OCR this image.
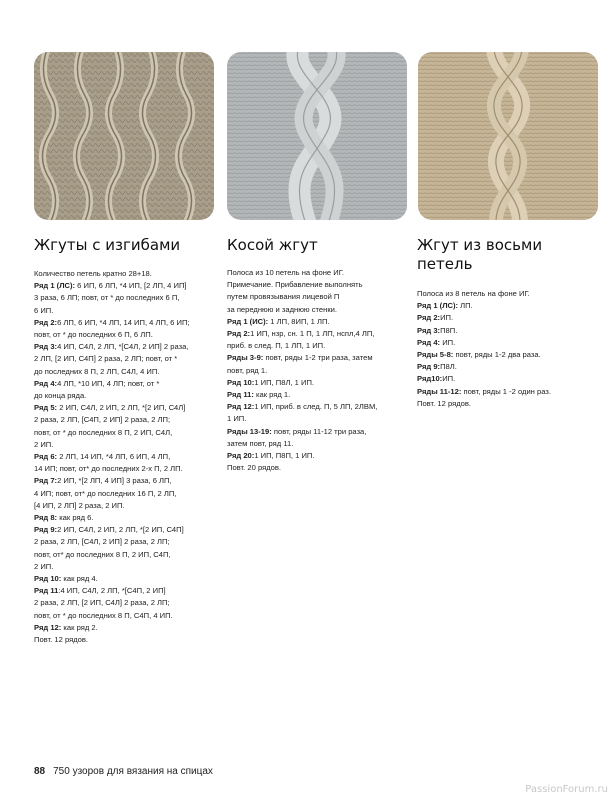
Жгуты с изгибами	Косой жгут	Жгут из восьми петель

Количество петель кратно 28+18.

Ряд 1 (ЛС): 6 ИП, 6 ЛП, *4 ИП, [2 ЛП, 4 ИП]

3 раза, 6 ЛП; повт, от * до последних 6 П,

6 ИП.

Ряд 2:6 ЛП, 6 ИП, *4 ЛП, 14 ИП, 4 ЛП, 6 ИП;

повт, от * до последних 6 П, 6 ЛП.

Ряд 3:4 ИП, С4Л, 2 ЛП, *[С4Л, 2 ИП] 2 раза,

2 ЛП, [2 ИП, С4П] 2 раза, 2 ЛП; повт, от *

до последних 8 П, 2 ЛП, С4Л, 4 ИП.

Ряд 4:4 ЛП, *10 ИП, 4 ЛП; повт, от *

до конца ряда.

Ряд 5: 2 ИП, С4Л, 2 ИП, 2 ЛП, *[2 ИП, С4Л]

2 раза, 2 ЛП, [С4П, 2 ИП] 2 раза, 2 ЛП;

повт, от * до последних 8 П, 2 ИП, С4Л,

2 ИП.

Ряд 6: 2 ЛП, 14 ИП, *4 ЛП, 6 ИП, 4 ЛП,

14 ИП; повт, от* до последних 2-х П, 2 ЛП.

Ряд 7:2 ИП, *[2 ЛП, 4 ИП] 3 раза, 6 ЛП,

4 ИП; повт, от* до последних 16 П, 2 ЛП,

[4 ИП, 2 ЛП] 2 раза, 2 ИП.

Ряд 8: как ряд 6.

Ряд 9:2 ИП, С4Л, 2 ИП, 2 ЛП, *[2 ИП, С4П]

2 раза, 2 ЛП, [С4Л, 2 ИП] 2 раза, 2 ЛП;

повт, от* до последних 8 П, 2 ИП, С4П,

2 ИП.

Ряд 10: как ряд 4.

Ряд 11:4 ИП, С4Л, 2 ЛП, *[С4П, 2 ИП]

2 раза, 2 ЛП, [2 ИП, С4Л] 2 раза, 2 ЛП;

повт, от * до последних 8 П, С4П, 4 ИП.

Ряд 12: как ряд 2.

Повт. 12 рядов.

Полоса из 10 петель на фоне ИГ.

Примечание. Прибавление выполнять

путем провязывания лицевой П

за переднюю и заднюю стенки.

Ряд 1 (ИС): 1 ЛП, 8ИП, 1 ЛП.

Ряд 2:1 ИП, нзр, сн. 1 П, 1 ЛП, нспл,4 ЛП,

приб. в след. П, 1 ЛП, 1 ИП.

Ряды 3-9: повт, ряды 1-2 три раза, затем

повт, ряд 1.

Ряд 10:1 ИП, П8Л, 1 ИП.

Ряд 11: как ряд 1.

Ряд 12:1 ИП, приб. в след. П, 5 ЛП, 2ЛВМ,

1 ИП.

Ряды 13-19: повт, ряды 11-12 три раза,

затем повт, ряд 11.

Ряд 20:1 ИП, П8П, 1 ИП.

Повт. 20 рядов.

Полоса из 8 петель на фоне ИГ.

Ряд 1 (ЛС): ЛП.

Ряд 2:ИП.

Ряд 3:П8П.

Ряд 4: ИП.

Ряды 5-8: повт, ряды 1-2 два раза.

Ряд 9:П8Л.

Ряд10:ИП.

Ряды 11-12: повт, ряды 1 -2 один раз.

Повт. 12 рядов.

88 750 узоров для вязания на спицах
PassionForum.ru
